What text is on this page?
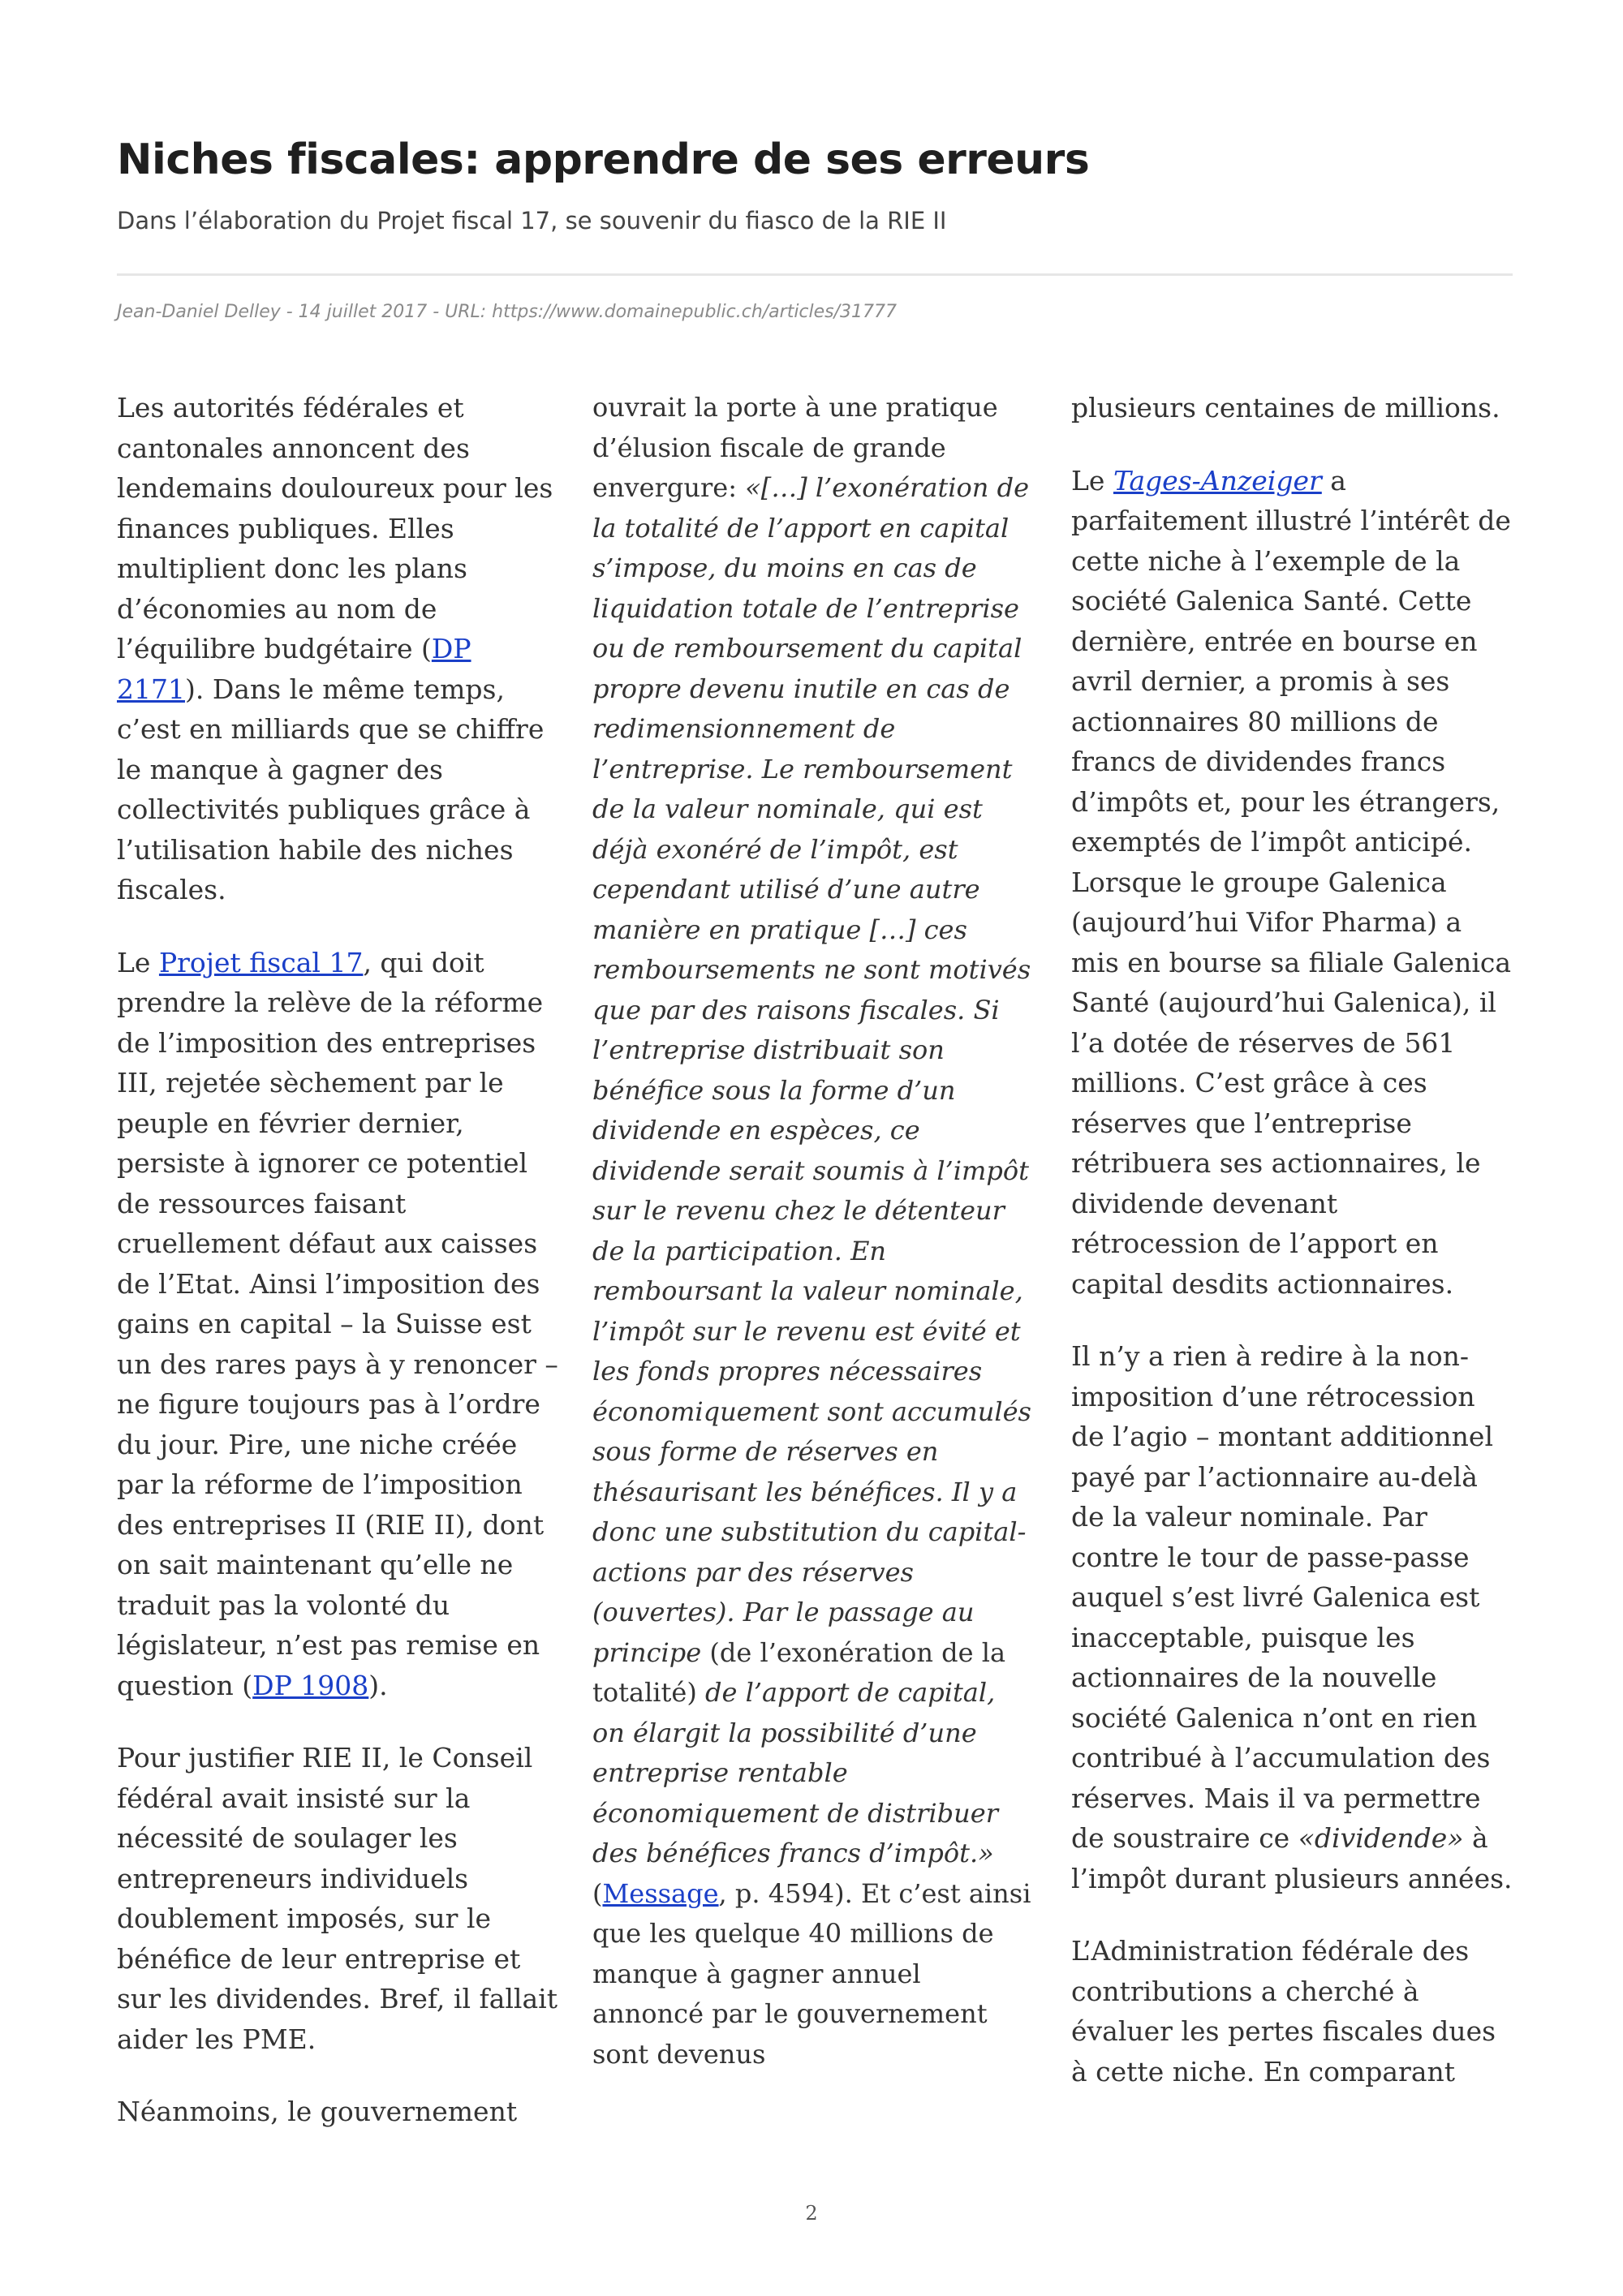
Niches fiscales: apprendre de ses erreurs
Dans l’élaboration du Projet fiscal 17, se souvenir du fiasco de la RIE II
Jean-Daniel Delley - 14 juillet 2017 - URL: https://www.domainepublic.ch/articles/31777

Les autorités fédérales et cantonales annoncent des lendemains douloureux pour les finances publiques. Elles multiplient donc les plans d’économies au nom de l’équilibre budgétaire (DP 2171). Dans le même temps, c’est en milliards que se chiffre le manque à gagner des collectivités publiques grâce à l’utilisation habile des niches fiscales.

Le Projet fiscal 17, qui doit prendre la relève de la réforme de l’imposition des entreprises III, rejetée sèchement par le peuple en février dernier, persiste à ignorer ce potentiel de ressources faisant cruellement défaut aux caisses de l’Etat. Ainsi l’imposition des gains en capital – la Suisse est un des rares pays à y renoncer – ne figure toujours pas à l’ordre du jour. Pire, une niche créée par la réforme de l’imposition des entreprises II (RIE II), dont on sait maintenant qu’elle ne traduit pas la volonté du législateur, n’est pas remise en question (DP 1908).

Pour justifier RIE II, le Conseil fédéral avait insisté sur la nécessité de soulager les entrepreneurs individuels doublement imposés, sur le bénéfice de leur entreprise et sur les dividendes. Bref, il fallait aider les PME.

Néanmoins, le gouvernement

ouvrait la porte à une pratique d’élusion fiscale de grande envergure: «[…] l’exonération de la totalité de l’apport en capital s’impose, du moins en cas de liquidation totale de l’entreprise ou de remboursement du capital propre devenu inutile en cas de redimensionnement de l’entreprise. Le remboursement de la valeur nominale, qui est déjà exonéré de l’impôt, est cependant utilisé d’une autre manière en pratique […] ces remboursements ne sont motivés que par des raisons fiscales. Si l’entreprise distribuait son bénéfice sous la forme d’un dividende en espèces, ce dividende serait soumis à l’impôt sur le revenu chez le détenteur de la participation. En remboursant la valeur nominale, l’impôt sur le revenu est évité et les fonds propres nécessaires économiquement sont accumulés sous forme de réserves en thésaurisant les bénéfices. Il y a donc une substitution du capital-actions par des réserves (ouvertes). Par le passage au principe (de l’exonération de la totalité) de l’apport de capital, on élargit la possibilité d’une entreprise rentable économiquement de distribuer des bénéfices francs d’impôt.» (Message, p. 4594). Et c’est ainsi que les quelque 40 millions de manque à gagner annuel annoncé par le gouvernement sont devenus

plusieurs centaines de millions.

Le Tages-Anzeiger a parfaitement illustré l’intérêt de cette niche à l’exemple de la société Galenica Santé. Cette dernière, entrée en bourse en avril dernier, a promis à ses actionnaires 80 millions de francs de dividendes francs d’impôts et, pour les étrangers, exemptés de l’impôt anticipé. Lorsque le groupe Galenica (aujourd’hui Vifor Pharma) a mis en bourse sa filiale Galenica Santé (aujourd’hui Galenica), il l’a dotée de réserves de 561 millions. C’est grâce à ces réserves que l’entreprise rétribuera ses actionnaires, le dividende devenant rétrocession de l’apport en capital desdits actionnaires.

Il n’y a rien à redire à la non-imposition d’une rétrocession de l’agio – montant additionnel payé par l’actionnaire au-delà de la valeur nominale. Par contre le tour de passe-passe auquel s’est livré Galenica est inacceptable, puisque les actionnaires de la nouvelle société Galenica n’ont en rien contribué à l’accumulation des réserves. Mais il va permettre de soustraire ce «dividende» à l’impôt durant plusieurs années.

L’Administration fédérale des contributions a cherché à évaluer les pertes fiscales dues à cette niche. En comparant

2
